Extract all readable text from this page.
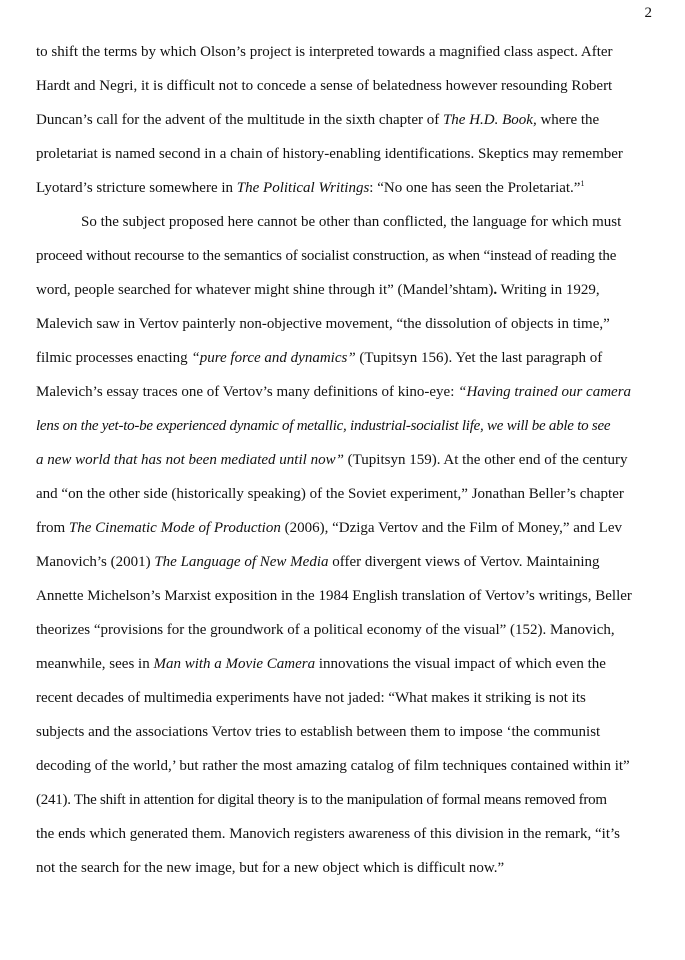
2
to shift the terms by which Olson’s project is interpreted towards a magnified class aspect. After
Hardt and Negri, it is difficult not to concede a sense of belatedness however resounding Robert
Duncan’s call for the advent of the multitude in the sixth chapter of The H.D. Book, where the
proletariat is named second in a chain of history-enabling identifications. Skeptics may remember
Lyotard’s stricture somewhere in The Political Writings: “No one has seen the Proletariat.”$^1$
So the subject proposed here cannot be other than conflicted, the language for which must
proceed without recourse to the semantics of socialist construction, as when “instead of reading the
word, people searched for whatever might shine through it” (Mandel’shtam). Writing in 1929,
Malevich saw in Vertov painterly non-objective movement, “the dissolution of objects in time,”
filmic processes enacting “pure force and dynamics” (Tupitsyn 156). Yet the last paragraph of
Malevich’s essay traces one of Vertov’s many definitions of kino-eye: “Having trained our camera
lens on the yet-to-be experienced dynamic of metallic, industrial-socialist life, we will be able to see
a new world that has not been mediated until now” (Tupitsyn 159). At the other end of the century
and “on the other side (historically speaking) of the Soviet experiment,” Jonathan Beller’s chapter
from The Cinematic Mode of Production (2006), “Dziga Vertov and the Film of Money,” and Lev
Manovich’s (2001) The Language of New Media offer divergent views of Vertov. Maintaining
Annette Michelson’s Marxist exposition in the 1984 English translation of Vertov’s writings, Beller
theorizes “provisions for the groundwork of a political economy of the visual” (152). Manovich,
meanwhile, sees in Man with a Movie Camera innovations the visual impact of which even the
recent decades of multimedia experiments have not jaded: “What makes it striking is not its
subjects and the associations Vertov tries to establish between them to impose ‘the communist
decoding of the world,’ but rather the most amazing catalog of film techniques contained within it”
(241). The shift in attention for digital theory is to the manipulation of formal means removed from
the ends which generated them. Manovich registers awareness of this division in the remark, “it’s
not the search for the new image, but for a new object which is difficult now.”
